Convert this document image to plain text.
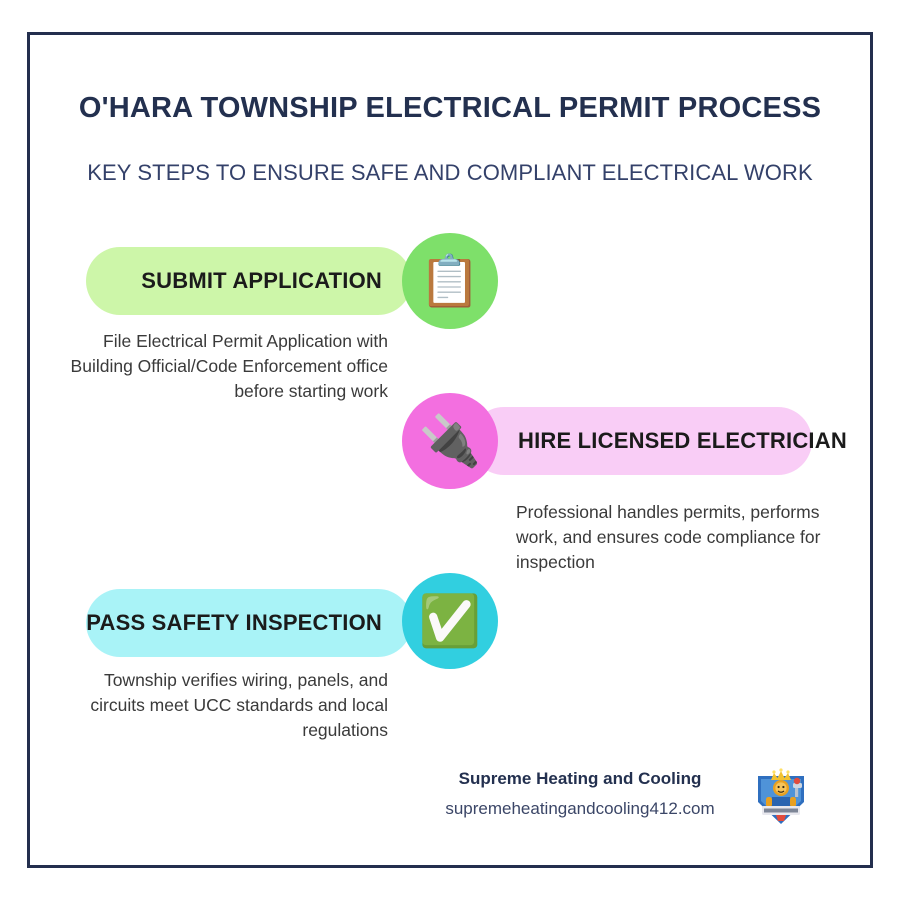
O'HARA TOWNSHIP ELECTRICAL PERMIT PROCESS
KEY STEPS TO ENSURE SAFE AND COMPLIANT ELECTRICAL WORK
SUBMIT APPLICATION 📋
File Electrical Permit Application with Building Official/Code Enforcement office before starting work
HIRE LICENSED ELECTRICIAN
🔌
Professional handles permits, performs work, and ensures code compliance for inspection
PASS SAFETY INSPECTION ✅
Township verifies wiring, panels, and circuits meet UCC standards and local regulations
Supreme Heating and Cooling
supremeheatingandcooling412.com
